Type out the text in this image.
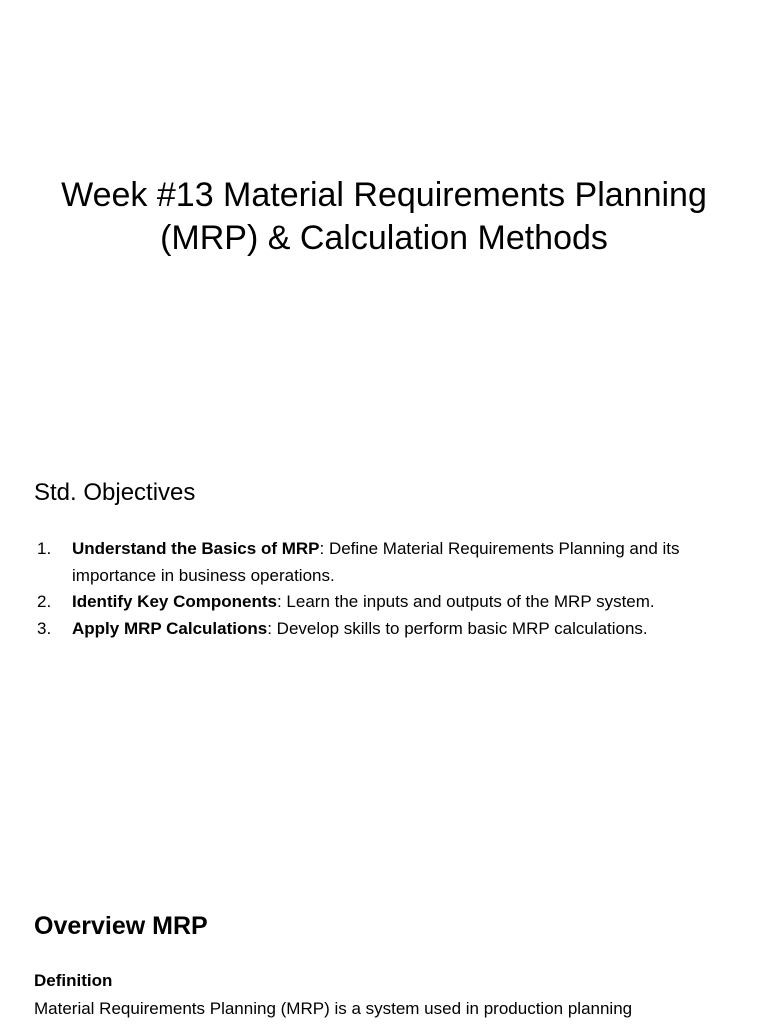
Week #13 Material Requirements Planning
(MRP) & Calculation Methods
Std. Objectives
1. Understand the Basics of MRP: Define Material Requirements Planning and its importance in business operations.
2. Identify Key Components: Learn the inputs and outputs of the MRP system.
3. Apply MRP Calculations: Develop skills to perform basic MRP calculations.
Overview MRP
Definition

Material Requirements Planning (MRP) is a system used in production planning
